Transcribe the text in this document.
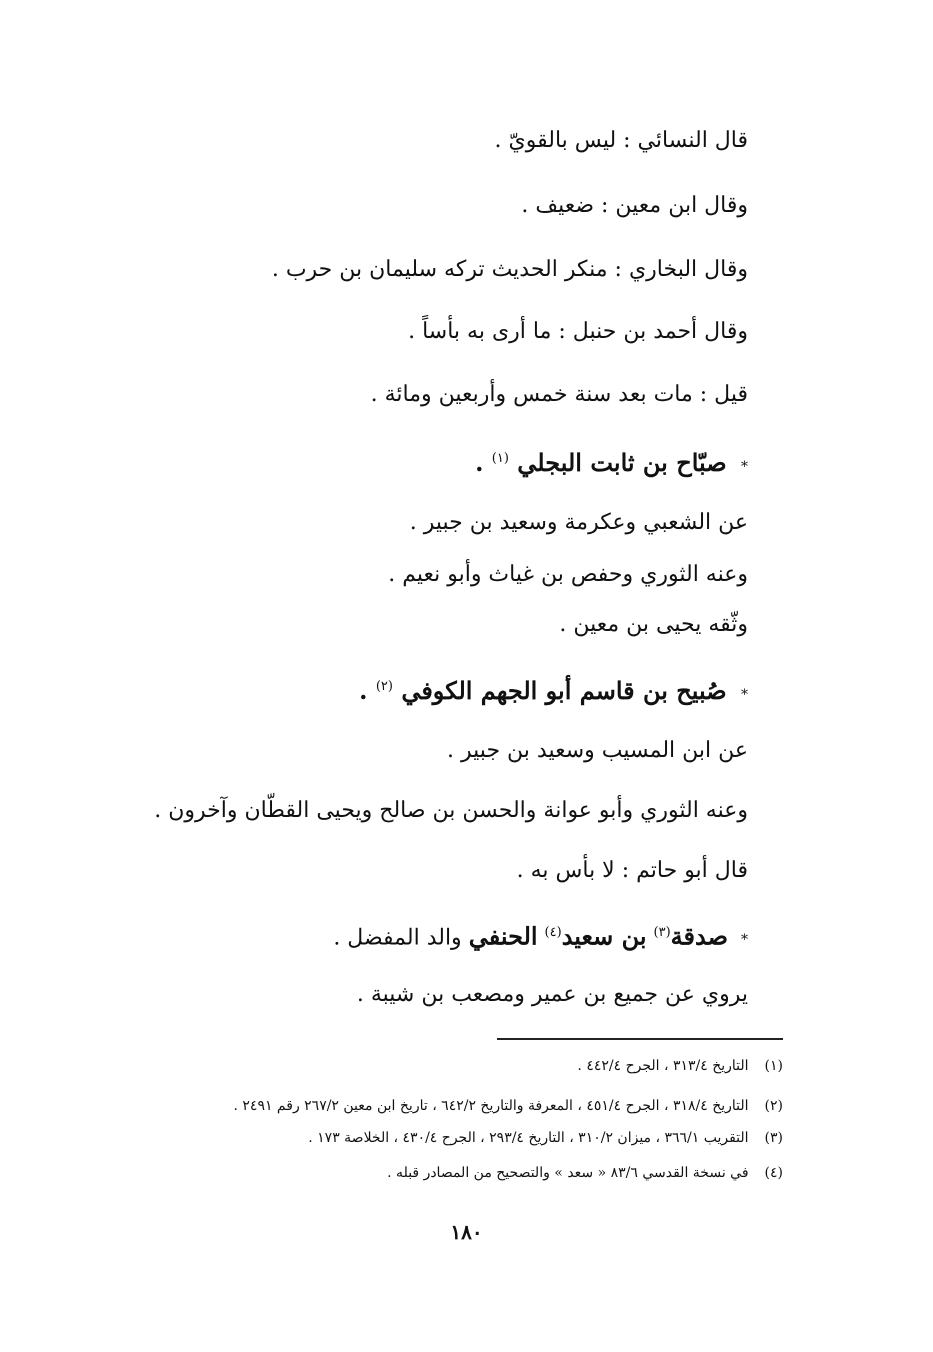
قال النسائي : ليس بالقويّ .
وقال ابن معين : ضعيف .
وقال البخاري : منكر الحديث تركه سليمان بن حرب .
وقال أحمد بن حنبل : ما أرى به بأساً .
قيل : مات بعد سنة خمس وأربعين ومائة .
* صبّاح بن ثابت البجلي $^{(١)}$ .
عن الشعبي وعكرمة وسعيد بن جبير .
وعنه الثوري وحفص بن غياث وأبو نعيم .
وثّقه يحيى بن معين .
* صُبيح بن قاسم أبو الجهم الكوفي $^{(٢)}$ .
عن ابن المسيب وسعيد بن جبير .
وعنه الثوري وأبو عوانة والحسن بن صالح ويحيى القطّان وآخرون .
قال أبو حاتم : لا بأس به .
* صدقة$^{(٣)}$ بن سعيد$^{(٤)}$ الحنفي والد المفضل .
يروي عن جميع بن عمير ومصعب بن شيبة .
(١) التاريخ ٣١٣/٤ ، الجرح ٤٤٢/٤ .
(٢) التاريخ ٣١٨/٤ ، الجرح ٤٥١/٤ ، المعرفة والتاريخ ٦٤٢/٢ ، تاريخ ابن معين ٢٦٧/٢ رقم ٢٤٩١ .
(٣) التقريب ٣٦٦/١ ، ميزان ٣١٠/٢ ، التاريخ ٢٩٣/٤ ، الجرح ٤٣٠/٤ ، الخلاصة ١٧٣ .
(٤) في نسخة القدسي ٨٣/٦ « سعد » والتصحيح من المصادر قبله .
١٨٠
